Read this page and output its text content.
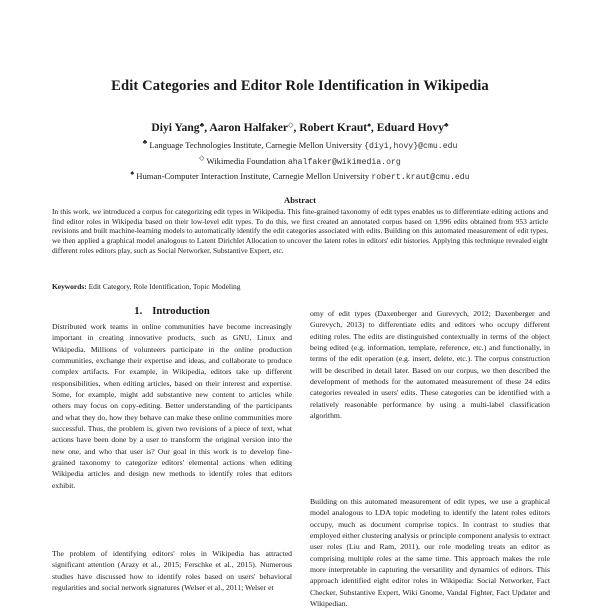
Edit Categories and Editor Role Identification in Wikipedia
Diyi Yang♣, Aaron Halfaker◇, Robert Kraut♠, Eduard Hovy♣
♣ Language Technologies Institute, Carnegie Mellon University {diyi,hovy}@cmu.edu
◇ Wikimedia Foundation ahalfaker@wikimedia.org
♠ Human-Computer Interaction Institute, Carnegie Mellon University robert.kraut@cmu.edu
Abstract
In this work, we introduced a corpus for categorizing edit types in Wikipedia. This fine-grained taxonomy of edit types enables us to differentiate editing actions and find editor roles in Wikipedia based on their low-level edit types. To do this, we first created an annotated corpus based on 1,996 edits obtained from 953 article revisions and built machine-learning models to automatically identify the edit categories associated with edits. Building on this automated measurement of edit types, we then applied a graphical model analogous to Latent Dirichlet Allocation to uncover the latent roles in editors' edit histories. Applying this technique revealed eight different roles editors play, such as Social Networker, Substantive Expert, etc.
Keywords: Edit Category, Role Identification, Topic Modeling
1. Introduction

Distributed work teams in online communities have become increasingly important in creating innovative products, such as GNU, Linux and Wikipedia. Millions of volunteers participate in the online production communities, exchange their expertise and ideas, and collaborate to produce complex artifacts. For example, in Wikipedia, editors take up different responsibilities, when editing articles, based on their interest and expertise. Some, for example, might add substantive new content to articles while others may focus on copy-editing. Better understanding of the participants and what they do, how they behave can make these online communities more successful. Thus, the problem is, given two revisions of a piece of text, what actions have been done by a user to transform the original version into the new one, and who that user is? Our goal in this work is to develop fine-grained taxonomy to categorize editors' elemental actions when editing Wikipedia articles and design new methods to identify roles that editors exhibit.

The problem of identifying editors' roles in Wikipedia has attracted significant attention (Arazy et al., 2015; Ferschke et al., 2015). Numerous studies have discussed how to identify roles based on users' behavioral regularities and social network signatures (Welser et al., 2011; Welser et

omy of edit types (Daxenberger and Gurevych, 2012; Daxenberger and Gurevych, 2013) to differentiate edits and editors who occupy different editing roles. The edits are distinguished contextually in terms of the object being edited (e.g. information, template, reference, etc.) and functionally, in terms of the edit operation (e.g. insert, delete, etc.). The corpus construction will be described in detail later. Based on our corpus, we then described the development of methods for the automated measurement of these 24 edits categories revealed in users' edits. These categories can be identified with a relatively reasonable performance by using a multi-label classification algorithm.

Building on this automated measurement of edit types, we use a graphical model analogous to LDA topic modeling to identify the latent roles editors occupy, much as document comprise topics. In contrast to studies that employed either clustering analysis or principle component analysis to extract user roles (Liu and Ram, 2011), our role modeling treats an editor as comprising multiple roles at the same time. This approach makes the role more interpretable in capturing the versatility and dynamics of editors. This approach identified eight editor roles in Wikipedia: Social Networker, Fact Checker, Substantive Expert, Wiki Gnome, Vandal Fighter, Fact Updater and Wikipedian.
